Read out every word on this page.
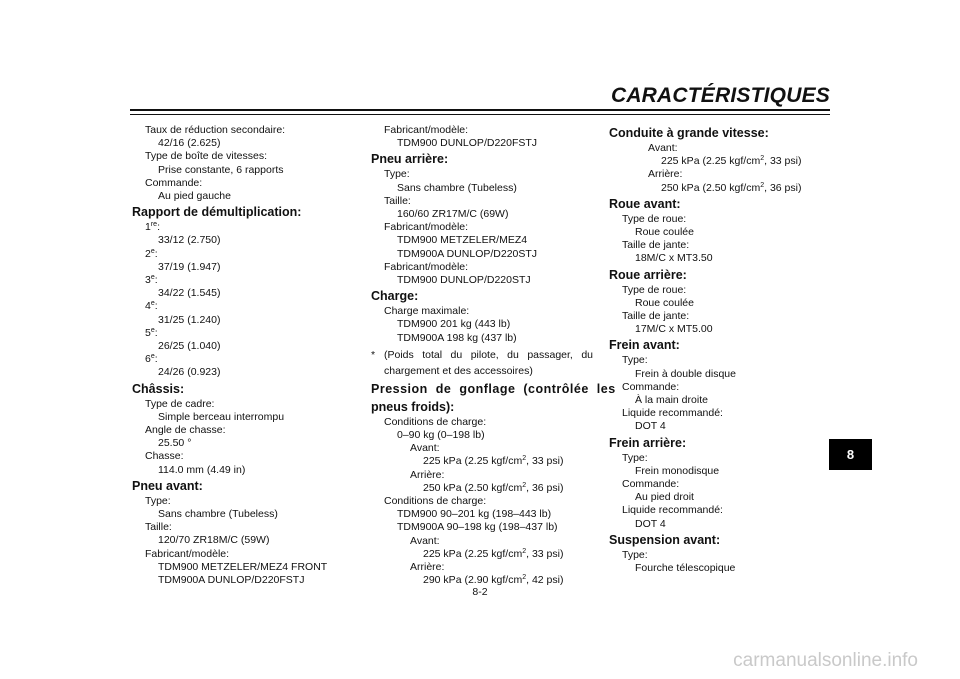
CARACTÉRISTIQUES
Taux de réduction secondaire:
42/16 (2.625)
Type de boîte de vitesses:
Prise constante, 6 rapports
Commande:
Au pied gauche
Rapport de démultiplication:
1re:
33/12 (2.750)
2e:
37/19 (1.947)
3e:
34/22 (1.545)
4e:
31/25 (1.240)
5e:
26/25 (1.040)
6e:
24/26 (0.923)
Châssis:
Type de cadre:
Simple berceau interrompu
Angle de chasse:
25.50 °
Chasse:
114.0 mm (4.49 in)
Pneu avant:
Type:
Sans chambre (Tubeless)
Taille:
120/70 ZR18M/C (59W)
Fabricant/modèle:
TDM900 METZELER/MEZ4 FRONT
TDM900A DUNLOP/D220FSTJ
Fabricant/modèle:
TDM900 DUNLOP/D220FSTJ
Pneu arrière:
Type:
Sans chambre (Tubeless)
Taille:
160/60 ZR17M/C (69W)
Fabricant/modèle:
TDM900 METZELER/MEZ4
TDM900A DUNLOP/D220STJ
Fabricant/modèle:
TDM900 DUNLOP/D220STJ
Charge:
Charge maximale:
TDM900 201 kg (443 lb)
TDM900A 198 kg (437 lb)
* (Poids total du pilote, du passager, du chargement et des accessoires)
Pression de gonflage (contrôlée les
pneus froids):
Conditions de charge:
0–90 kg (0–198 lb)
Avant:
225 kPa (2.25 kgf/$cm^2$, 33 psi)
Arrière:
250 kPa (2.50 kgf/$cm^2$, 36 psi)
Conditions de charge:
TDM900 90–201 kg (198–443 lb)
TDM900A 90–198 kg (198–437 lb)
Avant:
225 kPa (2.25 kgf/$cm^2$, 33 psi)
Arrière:
290 kPa (2.90 kgf/$cm^2$, 42 psi)
Conduite à grande vitesse:
Avant:
225 kPa (2.25 kgf/$cm^2$, 33 psi)
Arrière:
250 kPa (2.50 kgf/$cm^2$, 36 psi)
Roue avant:
Type de roue:
Roue coulée
Taille de jante:
18M/C x MT3.50
Roue arrière:
Type de roue:
Roue coulée
Taille de jante:
17M/C x MT5.00
Frein avant:
Type:
Frein à double disque
Commande:
À la main droite
Liquide recommandé:
DOT 4
Frein arrière:
Type:
Frein monodisque
Commande:
Au pied droit
Liquide recommandé:
DOT 4
Suspension avant:
Type:
Fourche télescopique
8
8-2
carmanualsonline.info
